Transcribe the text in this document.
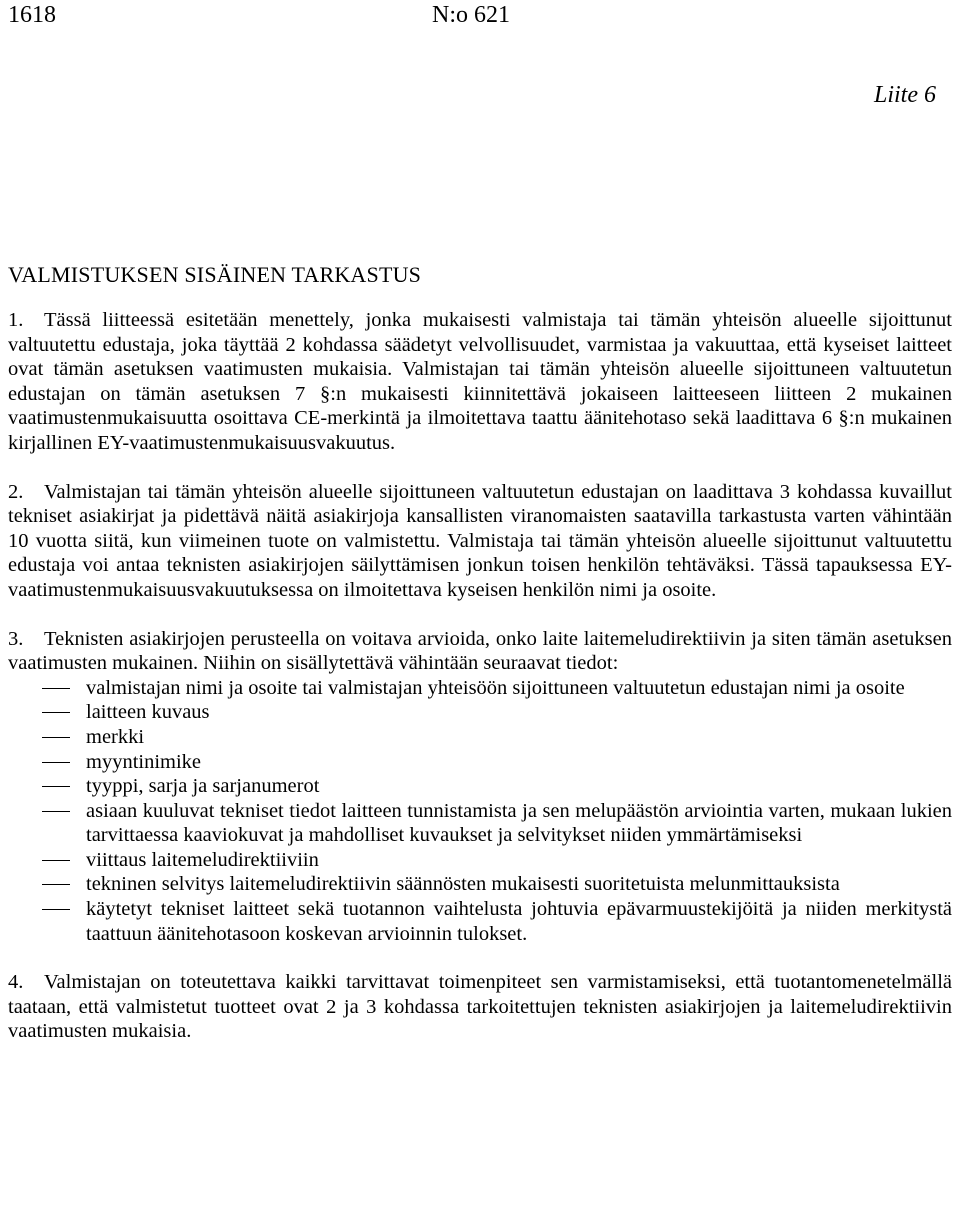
1618	N:o 621
Liite 6
VALMISTUKSEN SISÄINEN TARKASTUS

1. Tässä liitteessä esitetään menettely, jonka mukaisesti valmistaja tai tämän yhteisön alueelle sijoittunut valtuutettu edustaja, joka täyttää 2 kohdassa säädetyt velvollisuudet, varmistaa ja vakuuttaa, että kyseiset laitteet ovat tämän asetuksen vaatimusten mukaisia. Valmistajan tai tämän yhteisön alueelle sijoittuneen valtuutetun edustajan on tämän asetuksen 7 §:n mukaisesti kiinnitettävä jokaiseen laitteeseen liitteen 2 mukainen vaatimustenmukaisuutta osoittava CE-merkintä ja ilmoitettava taattu äänitehotaso sekä laadittava 6 §:n mukainen kirjallinen EY-vaatimustenmukaisuusvakuutus.

2. Valmistajan tai tämän yhteisön alueelle sijoittuneen valtuutetun edustajan on laadittava 3 kohdassa kuvaillut tekniset asiakirjat ja pidettävä näitä asiakirjoja kansallisten viranomaisten saatavilla tarkastusta varten vähintään 10 vuotta siitä, kun viimeinen tuote on valmistettu. Valmistaja tai tämän yhteisön alueelle sijoittunut valtuutettu edustaja voi antaa teknisten asiakirjojen säilyttämisen jonkun toisen henkilön tehtäväksi. Tässä tapauksessa EY-vaatimustenmukaisuusvakuutuksessa on ilmoitettava kyseisen henkilön nimi ja osoite.

3. Teknisten asiakirjojen perusteella on voitava arvioida, onko laite laitemeludirektiivin ja siten tämän asetuksen vaatimusten mukainen. Niihin on sisällytettävä vähintään seuraavat tiedot:

valmistajan nimi ja osoite tai valmistajan yhteisöön sijoittuneen valtuutetun edustajan nimi ja osoite
laitteen kuvaus
merkki
myyntinimike
tyyppi, sarja ja sarjanumerot
asiaan kuuluvat tekniset tiedot laitteen tunnistamista ja sen melupäästön arviointia varten, mukaan lukien tarvittaessa kaaviokuvat ja mahdolliset kuvaukset ja selvitykset niiden ymmärtämiseksi
viittaus laitemeludirektiiviin
tekninen selvitys laitemeludirektiivin säännösten mukaisesti suoritetuista melunmittauksista
käytetyt tekniset laitteet sekä tuotannon vaihtelusta johtuvia epävarmuustekijöitä ja niiden merkitystä taattuun äänitehotasoon koskevan arvioinnin tulokset.

4. Valmistajan on toteutettava kaikki tarvittavat toimenpiteet sen varmistamiseksi, että tuotantomenetelmällä taataan, että valmistetut tuotteet ovat 2 ja 3 kohdassa tarkoitettujen teknisten asiakirjojen ja laitemeludirektiivin vaatimusten mukaisia.
